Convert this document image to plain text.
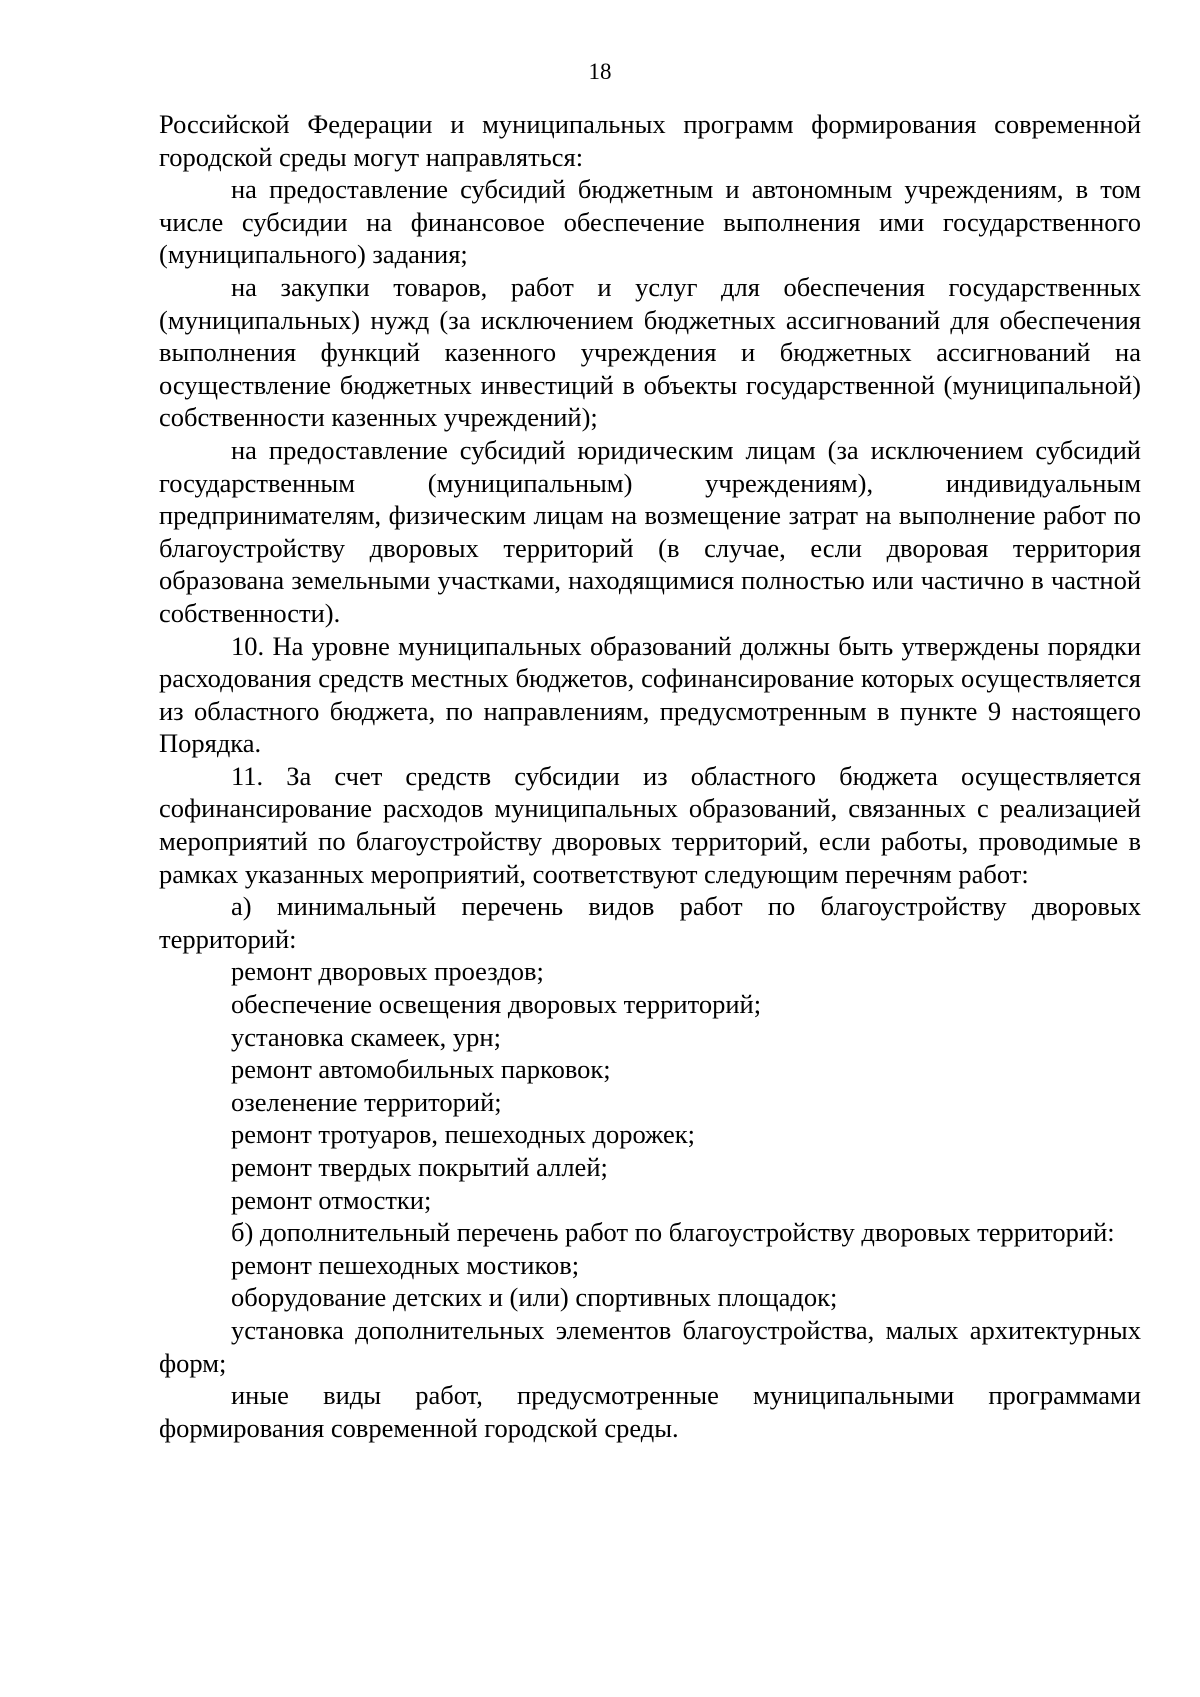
18

Российской Федерации и муниципальных программ формирования современной городской среды могут направляться:

на предоставление субсидий бюджетным и автономным учреждениям, в том числе субсидии на финансовое обеспечение выполнения ими государственного (муниципального) задания;

на закупки товаров, работ и услуг для обеспечения государственных (муниципальных) нужд (за исключением бюджетных ассигнований для обеспечения выполнения функций казенного учреждения и бюджетных ассигнований на осуществление бюджетных инвестиций в объекты государственной (муниципальной) собственности казенных учреждений);

на предоставление субсидий юридическим лицам (за исключением субсидий государственным (муниципальным) учреждениям), индивидуальным предпринимателям, физическим лицам на возмещение затрат на выполнение работ по благоустройству дворовых территорий (в случае, если дворовая территория образована земельными участками, находящимися полностью или частично в частной собственности).

10. На уровне муниципальных образований должны быть утверждены порядки расходования средств местных бюджетов, софинансирование которых осуществляется из областного бюджета, по направлениям, предусмотренным в пункте 9 настоящего Порядка.

11. За счет средств субсидии из областного бюджета осуществляется софинансирование расходов муниципальных образований, связанных с реализацией мероприятий по благоустройству дворовых территорий, если работы, проводимые в рамках указанных мероприятий, соответствуют следующим перечням работ:

а) минимальный перечень видов работ по благоустройству дворовых территорий:

ремонт дворовых проездов;

обеспечение освещения дворовых территорий;

установка скамеек, урн;

ремонт автомобильных парковок;

озеленение территорий;

ремонт тротуаров, пешеходных дорожек;

ремонт твердых покрытий аллей;

ремонт отмостки;

б) дополнительный перечень работ по благоустройству дворовых территорий:

ремонт пешеходных мостиков;

оборудование детских и (или) спортивных площадок;

установка дополнительных элементов благоустройства, малых архитектурных форм;

иные виды работ, предусмотренные муниципальными программами формирования современной городской среды.
